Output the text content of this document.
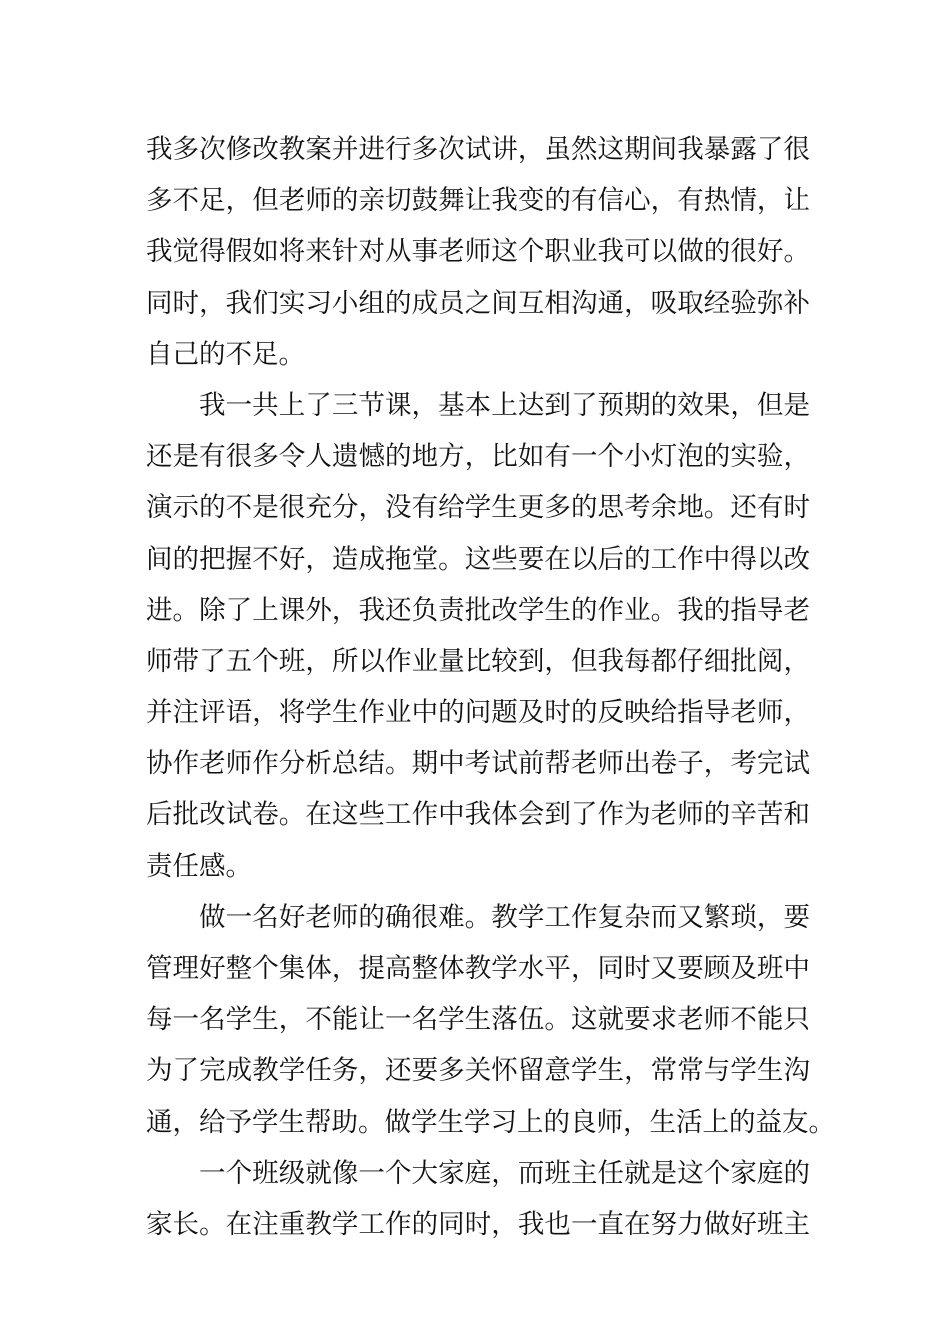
我多次修改教案并进行多次试讲，虽然这期间我暴露了很
多不足，但老师的亲切鼓舞让我变的有信心，有热情，让
我觉得假如将来针对从事老师这个职业我可以做的很好。
同时，我们实习小组的成员之间互相沟通，吸取经验弥补
自己的不足。
我一共上了三节课，基本上达到了预期的效果，但是
还是有很多令人遗憾的地方，比如有一个小灯泡的实验，
演示的不是很充分，没有给学生更多的思考余地。还有时
间的把握不好，造成拖堂。这些要在以后的工作中得以改
进。除了上课外，我还负责批改学生的作业。我的指导老
师带了五个班，所以作业量比较到，但我每都仔细批阅，
并注评语，将学生作业中的问题及时的反映给指导老师，
协作老师作分析总结。期中考试前帮老师出卷子，考完试
后批改试卷。在这些工作中我体会到了作为老师的辛苦和
责任感。
做一名好老师的确很难。教学工作复杂而又繁琐，要
管理好整个集体，提高整体教学水平，同时又要顾及班中
每一名学生，不能让一名学生落伍。这就要求老师不能只
为了完成教学任务，还要多关怀留意学生，常常与学生沟
通，给予学生帮助。做学生学习上的良师，生活上的益友。
一个班级就像一个大家庭，而班主任就是这个家庭的
家长。在注重教学工作的同时，我也一直在努力做好班主
